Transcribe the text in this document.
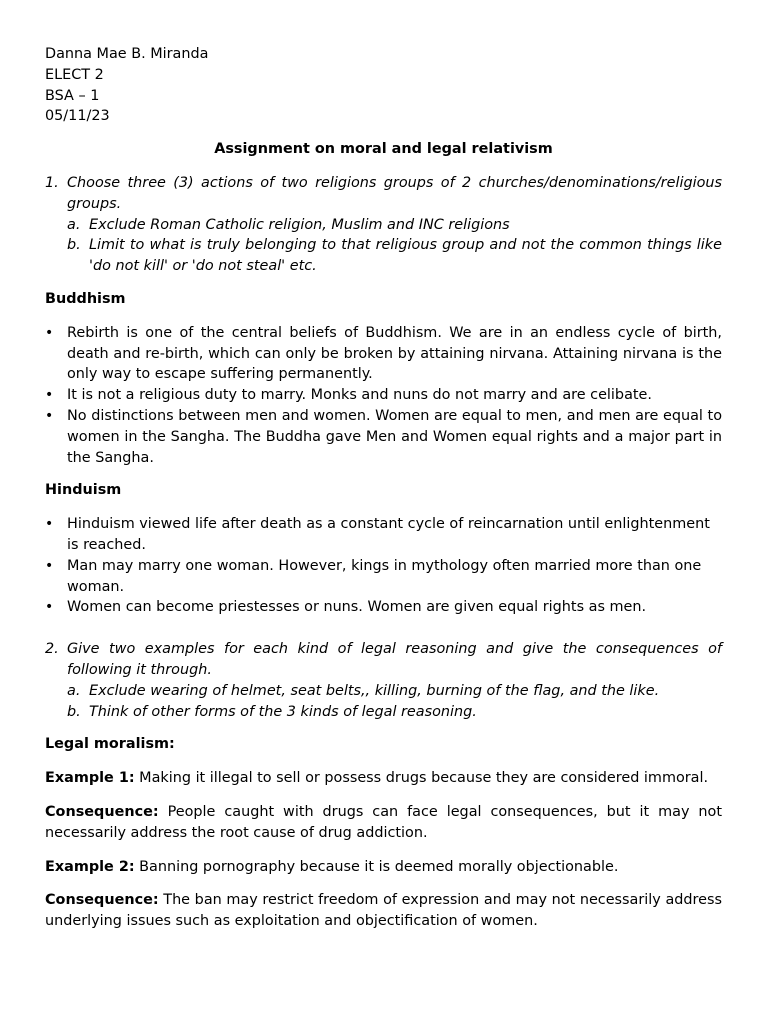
Danna Mae B. Miranda

ELECT 2

BSA – 1

05/11/23

Assignment on moral and legal relativism

1. Choose three (3) actions of two religions groups of 2 churches/denominations/religious groups.
a. Exclude Roman Catholic religion, Muslim and INC religions
b. Limit to what is truly belonging to that religious group and not the common things like 'do not kill' or 'do not steal' etc.

Buddhism

• Rebirth is one of the central beliefs of Buddhism. We are in an endless cycle of birth, death and re-birth, which can only be broken by attaining nirvana. Attaining nirvana is the only way to escape suffering permanently.
• It is not a religious duty to marry. Monks and nuns do not marry and are celibate.
• No distinctions between men and women. Women are equal to men, and men are equal to women in the Sangha. The Buddha gave Men and Women equal rights and a major part in the Sangha.

Hinduism

• Hinduism viewed life after death as a constant cycle of reincarnation until enlightenment is reached.
• Man may marry one woman. However, kings in mythology often married more than one woman.
• Women can become priestesses or nuns. Women are given equal rights as men.
2. Give two examples for each kind of legal reasoning and give the consequences of following it through.
a. Exclude wearing of helmet, seat belts,, killing, burning of the flag, and the like.
b. Think of other forms of the 3 kinds of legal reasoning.

Legal moralism:

Example 1: Making it illegal to sell or possess drugs because they are considered immoral.

Consequence: People caught with drugs can face legal consequences, but it may not necessarily address the root cause of drug addiction.

Example 2: Banning pornography because it is deemed morally objectionable.

Consequence: The ban may restrict freedom of expression and may not necessarily address underlying issues such as exploitation and objectification of women.
